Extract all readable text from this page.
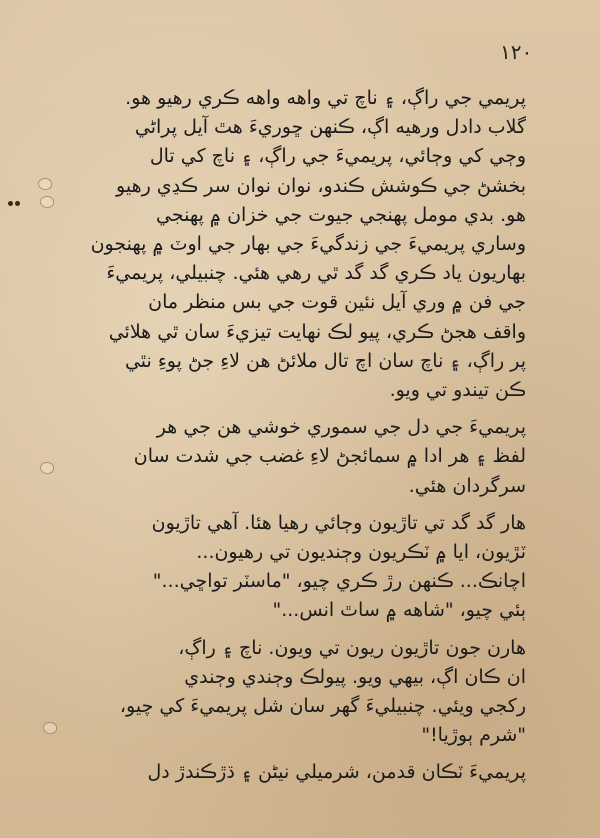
١٢٠
پريمي جي راڳ، ۽ ناچ تي واهه واهه ڪري رهيو هو.
گلاب دادل ورهيه اڳ، ڪنهن ڇوريءَ هٿ آيل پراڻي
وڄي کي وڄائي، پريميءَ جي راڳ، ۽ ناچ کي تال
بخشڻ جي ڪوشش ڪندو، نوان نوان سر ڪڍي رهيو
هو. بدي مومل پهنجي جيوت جي خزان ۾ پهنجي
وساري پريميءَ جي زندگيءَ جي بهار جي اوٽ ۾ پهنجون
بهاريون ياد ڪري گد گد ٿي رهي هئي. چنبيلي، پريميءَ
جي فن ۾ وري آيل نئين قوت جي بس منظر مان
واقف هجڻ ڪري، پيو لڪ نهايت تيزيءَ سان ٿي هلائي
پر راڳ، ۽ ناچ سان اچ تال ملائڻ هن لاءِ جڻ پوءِ نٿي
ڪن تيندو تي ويو.
پريميءَ جي دل جي سموري خوشي هن جي هر
لفظ ۽ هر ادا ۾ سمائجڻ لاءِ غضب جي شدت سان
سرگردان هئي.
هار گد گد تي تاڙيون وڄائي رهيا هئا. آهي تاڙيون
ٽڙيون، ايا ۾ ٽڪريون وڄنديون تي رهيون...
اچانڪ... ڪنهن رڙ ڪري چيو، "ماسٽر تواڇي..."
ٻئي چيو، "شاهه ۾ ساٿ انس..."
هارن جون تاڙيون ريون تي ويون. ناچ ۽ راڳ،
ان ڪان اڳ، بيهي ويو. پيولڪ وڄندي وڄندي
رکجي ويئي. چنبيليءَ گهر سان شل پريميءَ کي چيو،
"شرم ٻوڙيا!"
پريميءَ ٽڪان قدمن، شرميلي نيڻن ۽ ڌڙڪندڙ دل
